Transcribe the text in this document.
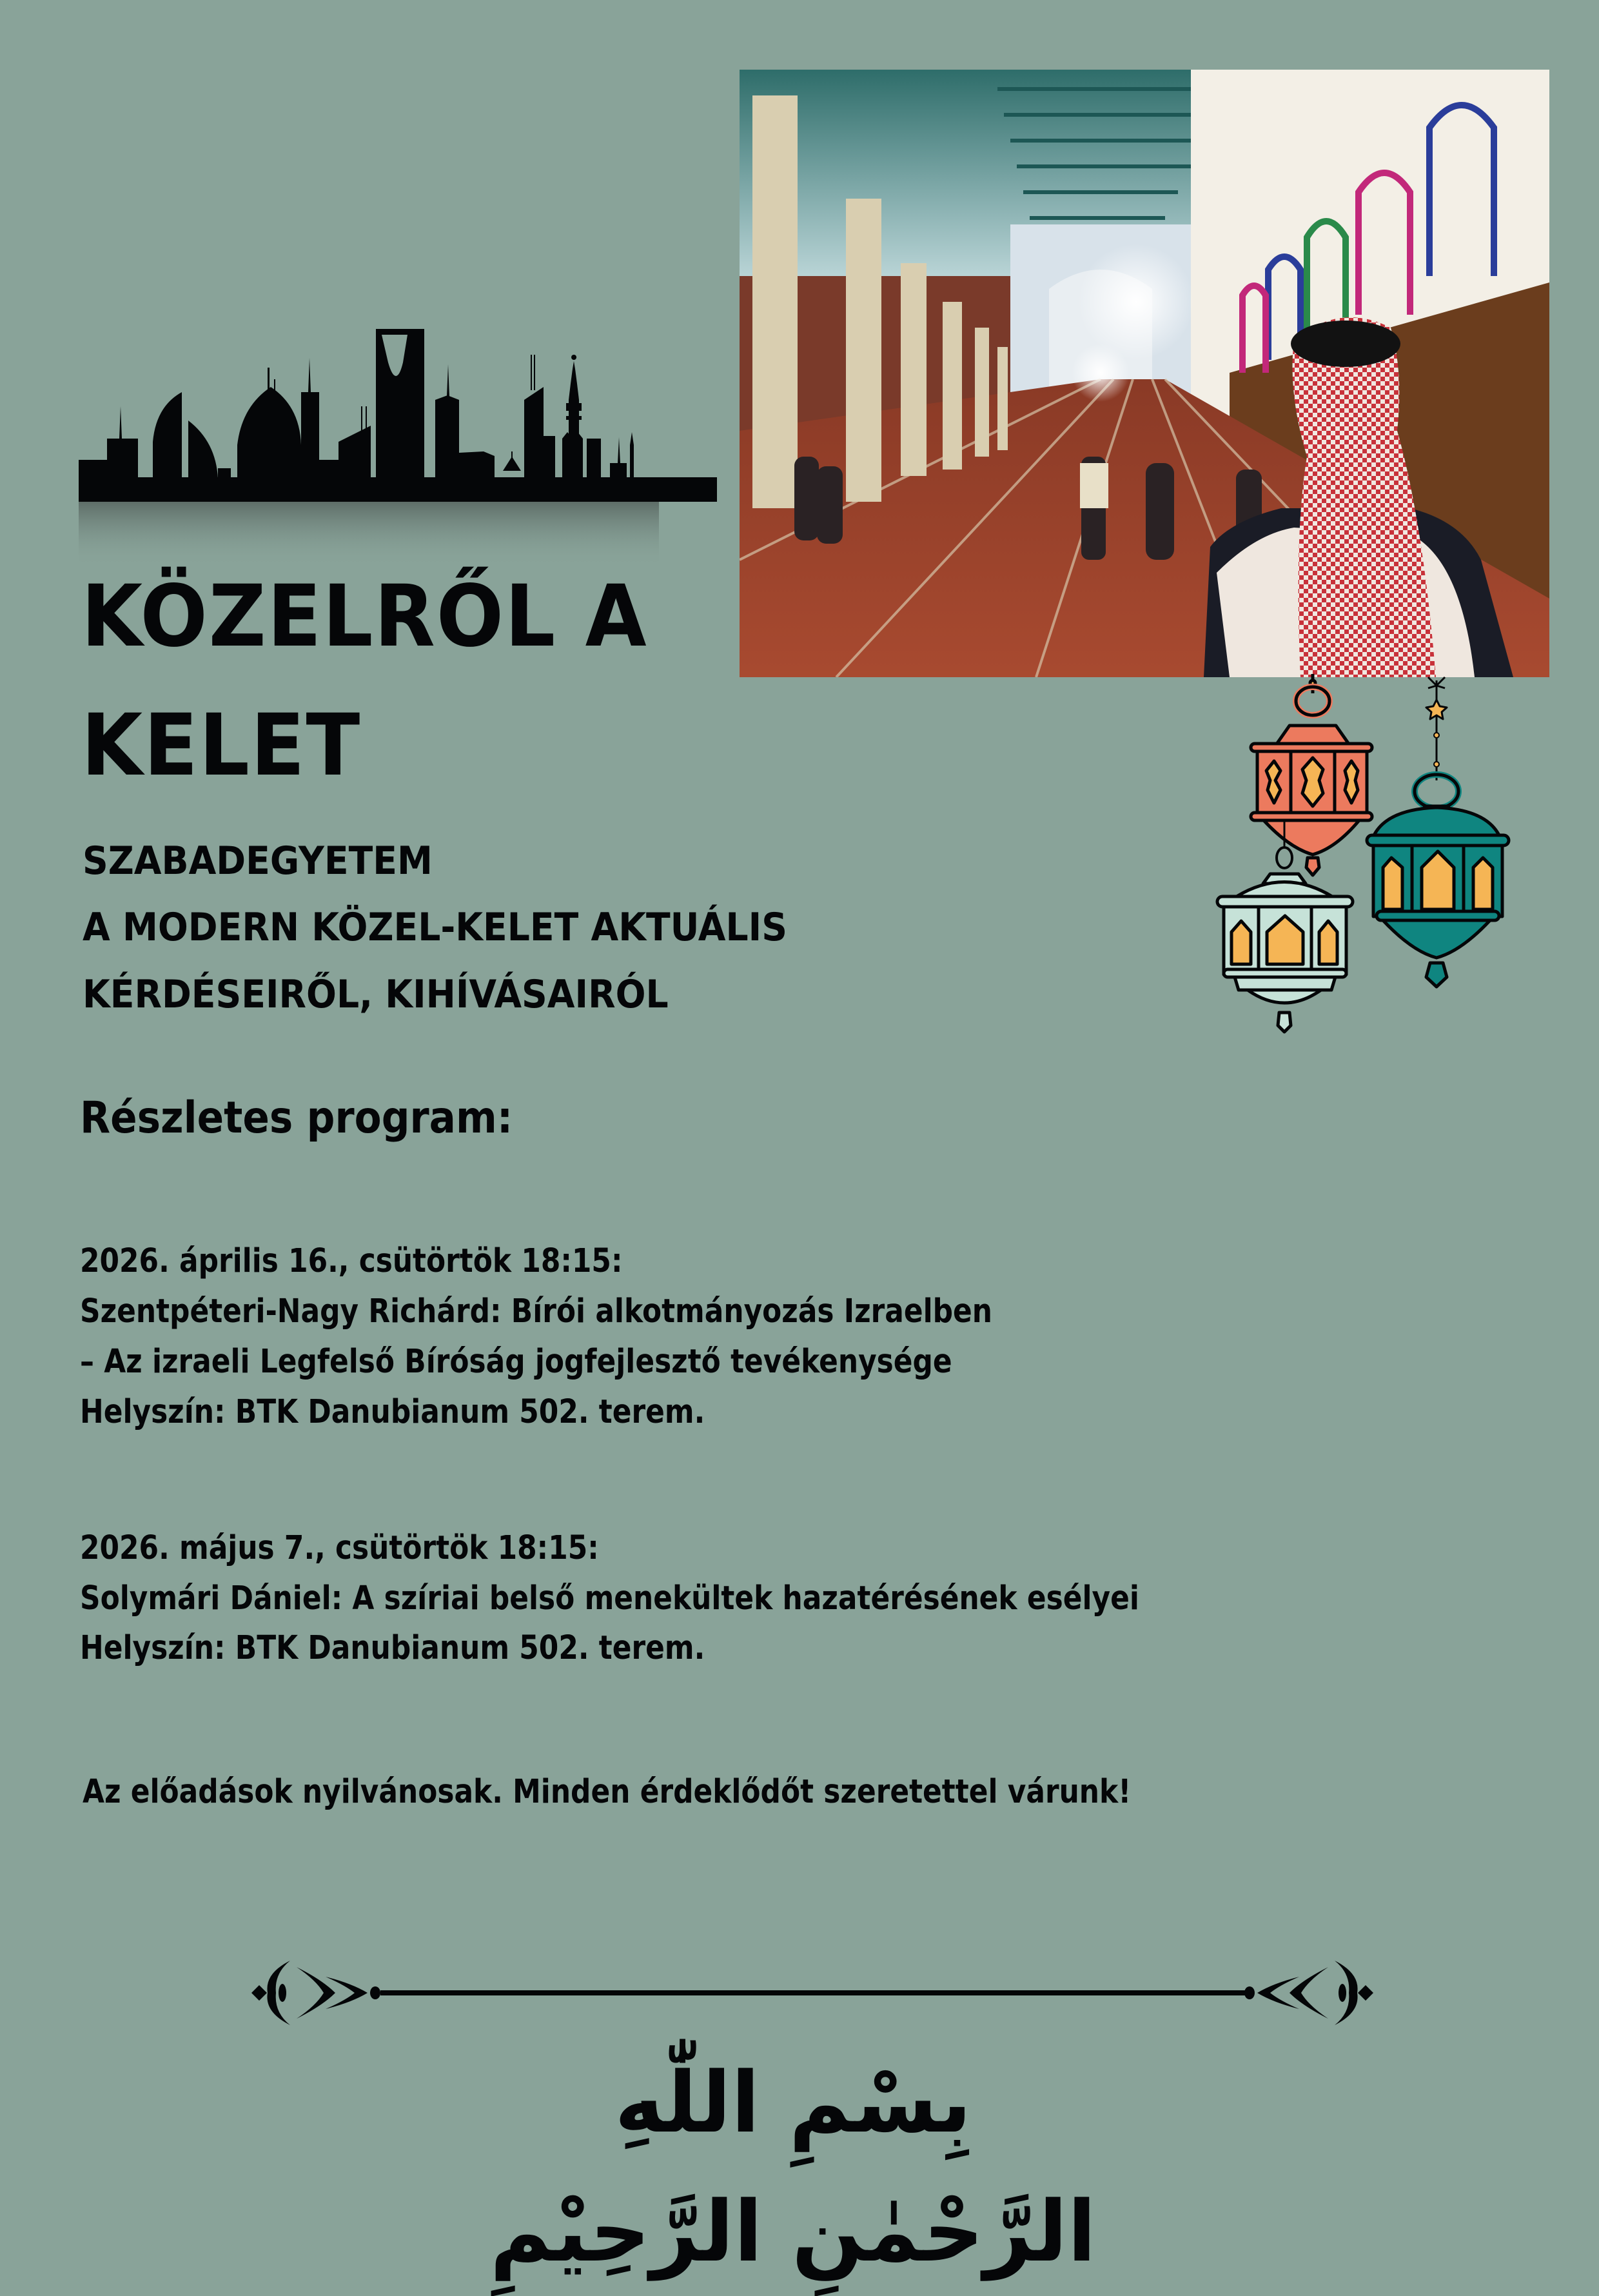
KÖZELRŐL A
KELET
SZABADEGYETEM
A MODERN KÖZEL-KELET AKTUÁLIS
KÉRDÉSEIRŐL, KIHÍVÁSAIRÓL
Részletes program:
2026. április 16., csütörtök 18:15:
Szentpéteri-Nagy Richárd: Bírói alkotmányozás Izraelben
– Az izraeli Legfelső Bíróság jogfejlesztő tevékenysége
Helyszín: BTK Danubianum 502. terem.
2026. május 7., csütörtök 18:15:
Solymári Dániel: A szíriai belső menekültek hazatérésének esélyei
Helyszín: BTK Danubianum 502. terem.
Az előadások nyilvánosak. Minden érdeklődőt szeretettel várunk!
بِسْمِ اللّٰهِ الرَّحْمٰنِ الرَّحِيْمِ
